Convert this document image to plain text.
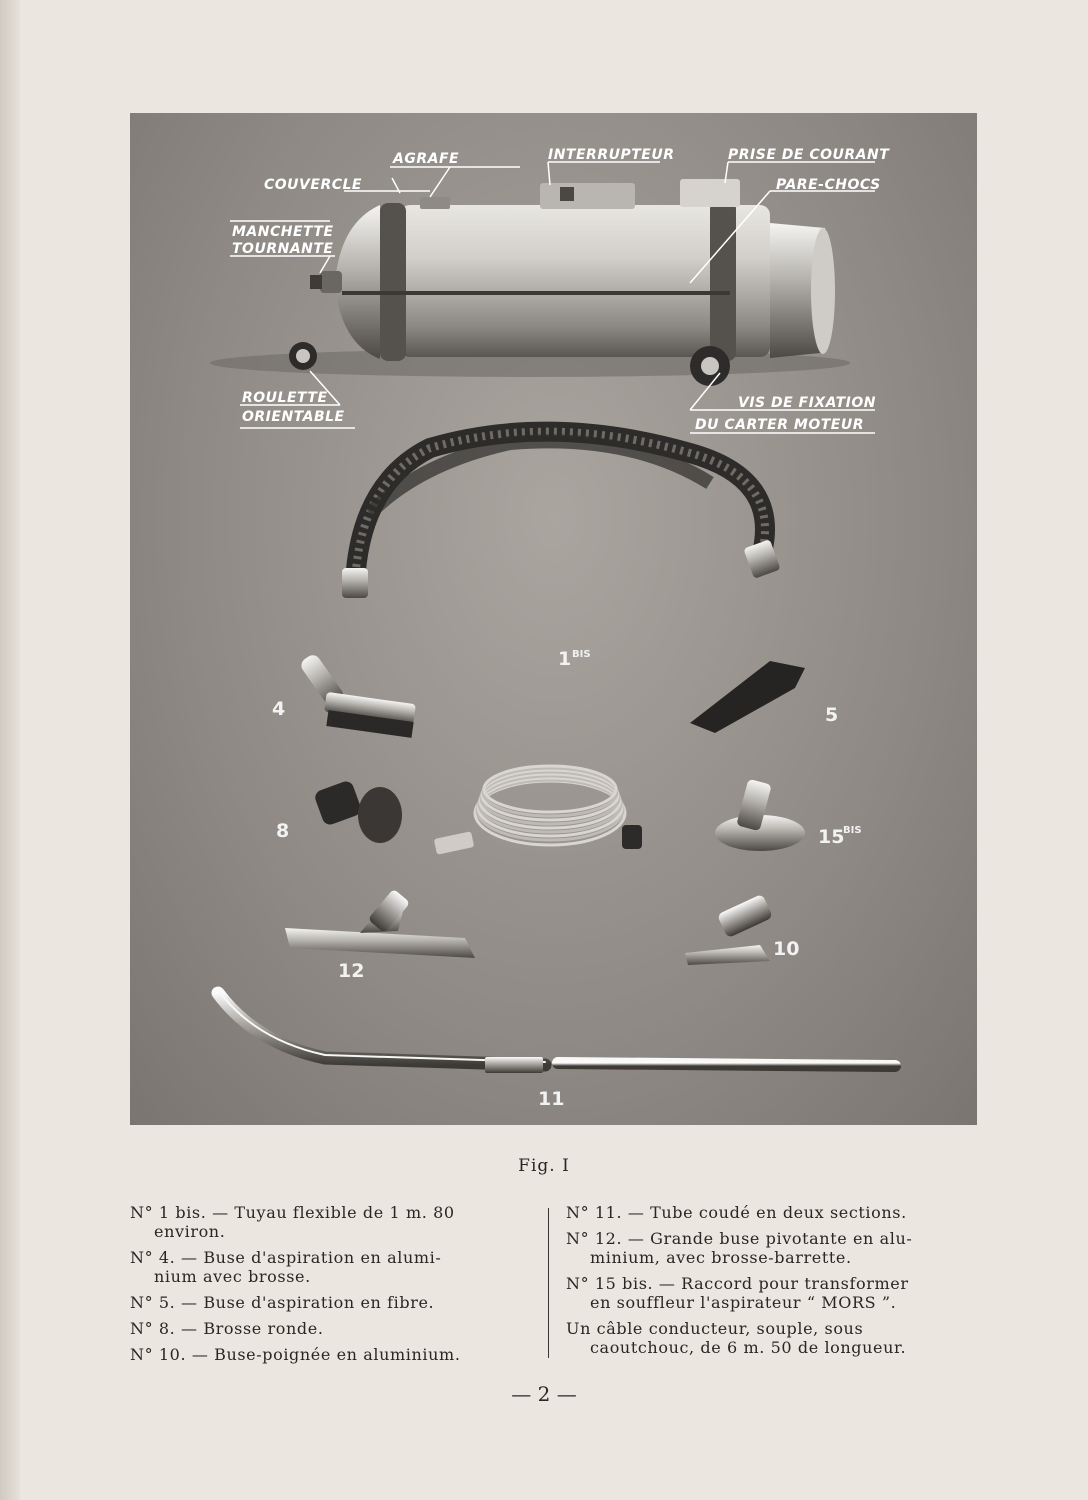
AGRAFE	INTERRUPTEUR	PRISE DE COURANT
COUVERCLE	PARE-CHOCS
MANCHETTE
TOURNANTE
ROULETTE
ORIENTABLE
VIS DE FIXATION
DU CARTER MOTEUR
1 BIS
4	5
8	15
BIS
12
10
11
Fig. I
N° 1 bis. — Tuyau flexible de 1 m. 80
environ.
N° 4. — Buse d'aspiration en alumi-
nium avec brosse.
N° 5. — Buse d'aspiration en fibre.
N° 8. — Brosse ronde.
N° 10. — Buse-poignée en aluminium.
N° 11. — Tube coudé en deux sections.
N° 12. — Grande buse pivotante en alu-
minium, avec brosse-barrette.
N° 15 bis. — Raccord pour transformer
en souffleur l'aspirateur “ MORS ”.
Un câble conducteur, souple, sous
caoutchouc, de 6 m. 50 de longueur.
— 2 —
